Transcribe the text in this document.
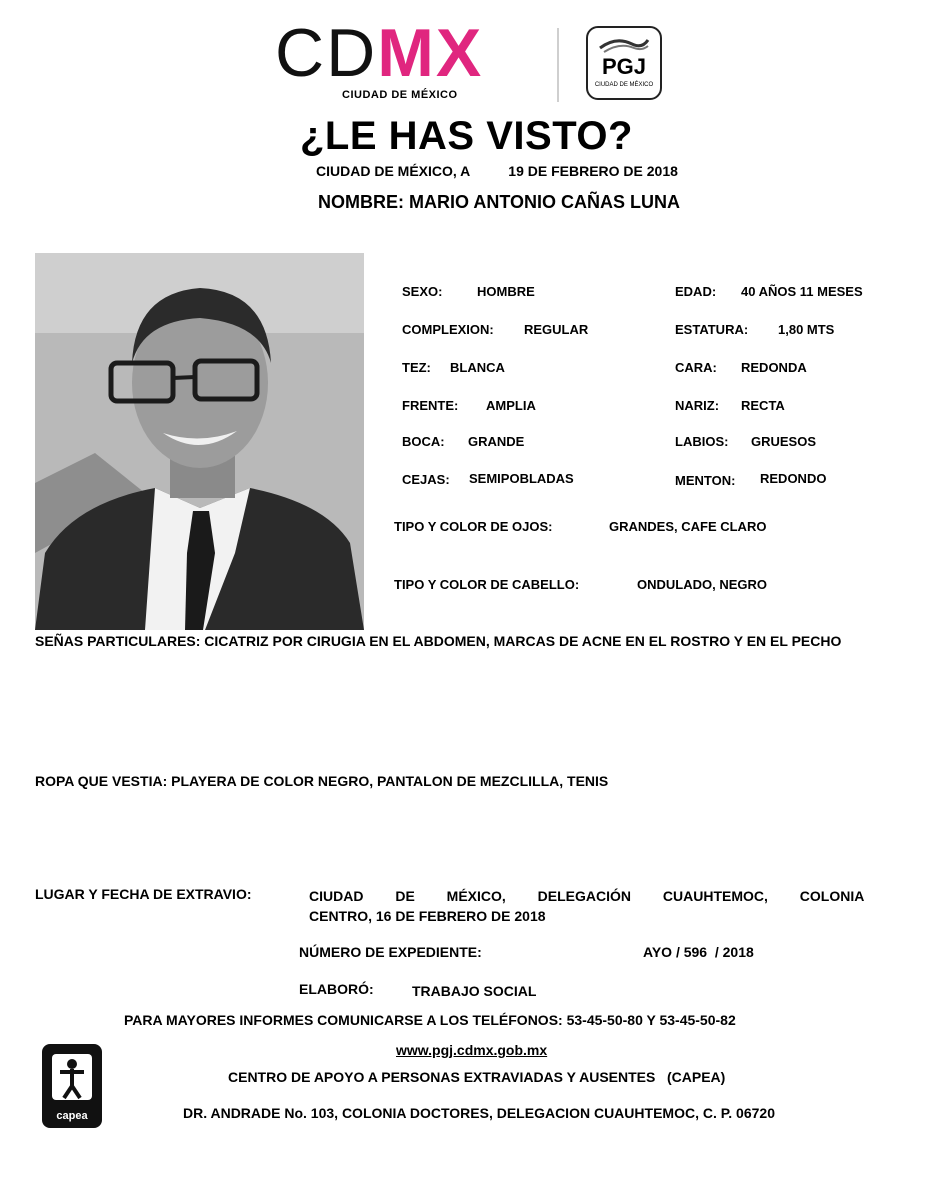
CDMX
CIUDAD DE MÉXICO
PGJ
CIUDAD DE MÉXICO
¿LE HAS VISTO?
CIUDAD DE MÉXICO, A	19 DE FEBRERO DE 2018
NOMBRE: MARIO ANTONIO CAÑAS LUNA
SEXO:	HOMBRE	EDAD: 40 AÑOS 11 MESES
COMPLEXION: REGULAR	ESTATURA: 1,80 MTS
TEZ: BLANCA	CARA: REDONDA
FRENTE: AMPLIA	NARIZ: RECTA
BOCA: GRANDE	LABIOS: GRUESOS
CEJAS: SEMIPOBLADAS	MENTON: REDONDO
TIPO Y COLOR DE OJOS:	GRANDES, CAFE CLARO
TIPO Y COLOR DE CABELLO:	ONDULADO, NEGRO
SEÑAS PARTICULARES: CICATRIZ POR CIRUGIA EN EL ABDOMEN, MARCAS DE ACNE EN EL ROSTRO Y EN EL PECHO
ROPA QUE VESTIA: PLAYERA DE COLOR NEGRO, PANTALON DE MEZCLILLA, TENIS
LUGAR Y FECHA DE EXTRAVIO:	CIUDAD DE MÉXICO, DELEGACIÓN CUAUHTEMOC, COLONIA
CENTRO, 16 DE FEBRERO DE 2018
NÚMERO DE EXPEDIENTE:	AYO / 596  / 2018
ELABORÓ:	TRABAJO SOCIAL
PARA MAYORES INFORMES COMUNICARSE A LOS TELÉFONOS: 53-45-50-80 Y 53-45-50-82
www.pgj.cdmx.gob.mx
CENTRO DE APOYO A PERSONAS EXTRAVIADAS Y AUSENTES   (CAPEA)
DR. ANDRADE No. 103, COLONIA DOCTORES, DELEGACION CUAUHTEMOC, C. P. 06720
capea
